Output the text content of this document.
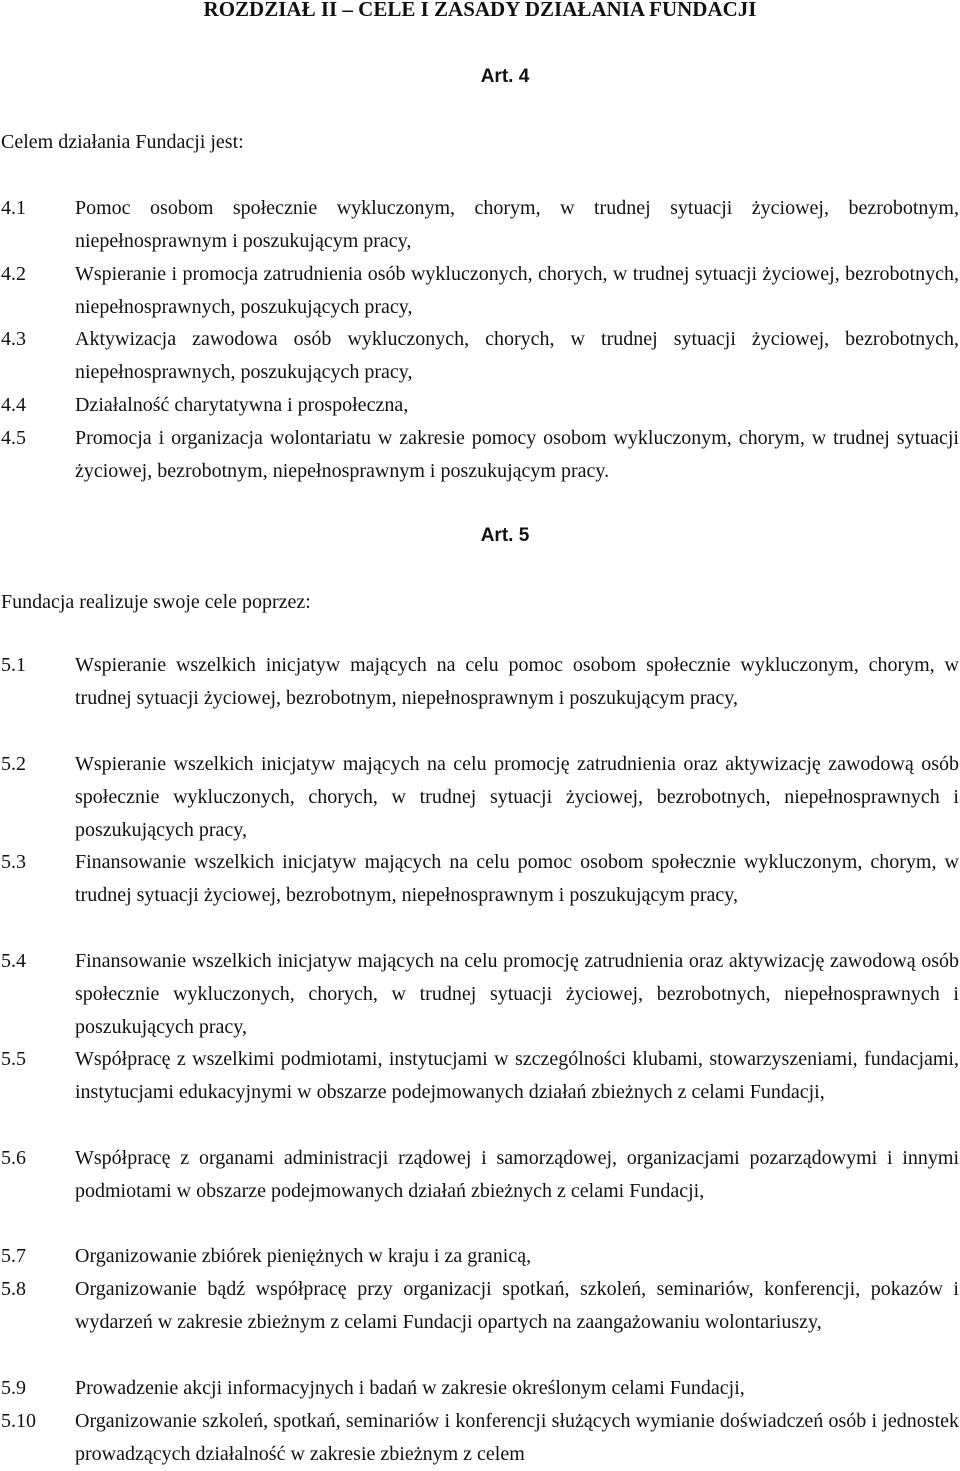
ROZDZIAŁ II – CELE I ZASADY DZIAŁANIA FUNDACJI
Art. 4
Celem działania Fundacji jest:
4.1	Pomoc osobom społecznie wykluczonym, chorym, w trudnej sytuacji życiowej, bezrobotnym, niepełnosprawnym i poszukującym pracy,
4.2	Wspieranie i promocja zatrudnienia osób wykluczonych, chorych, w trudnej sytuacji życiowej, bezrobotnych, niepełnosprawnych, poszukujących pracy,
4.3	Aktywizacja zawodowa osób wykluczonych, chorych, w trudnej sytuacji życiowej, bezrobotnych, niepełnosprawnych, poszukujących pracy,
4.4	Działalność charytatywna i prospołeczna,
4.5	Promocja i organizacja wolontariatu w zakresie pomocy osobom wykluczonym, chorym, w trudnej sytuacji życiowej, bezrobotnym, niepełnosprawnym i poszukującym pracy.
Art. 5
Fundacja realizuje swoje cele poprzez:
5.1	Wspieranie wszelkich inicjatyw mających na celu pomoc osobom społecznie wykluczonym, chorym, w trudnej sytuacji życiowej, bezrobotnym, niepełnosprawnym i poszukującym pracy,
5.2	Wspieranie wszelkich inicjatyw mających na celu promocję zatrudnienia oraz aktywizację zawodową osób społecznie wykluczonych, chorych, w trudnej sytuacji życiowej, bezrobotnych, niepełnosprawnych i poszukujących pracy,
5.3	Finansowanie wszelkich inicjatyw mających na celu pomoc osobom społecznie wykluczonym, chorym, w trudnej sytuacji życiowej, bezrobotnym, niepełnosprawnym i poszukującym pracy,
5.4	Finansowanie wszelkich inicjatyw mających na celu promocję zatrudnienia oraz aktywizację zawodową osób społecznie wykluczonych, chorych, w trudnej sytuacji życiowej, bezrobotnych, niepełnosprawnych i poszukujących pracy,
5.5	Współpracę z wszelkimi podmiotami, instytucjami w szczególności klubami, stowarzyszeniami, fundacjami, instytucjami edukacyjnymi w obszarze podejmowanych działań zbieżnych z celami Fundacji,
5.6	Współpracę z organami administracji rządowej i samorządowej, organizacjami pozarządowymi i innymi podmiotami w obszarze podejmowanych działań zbieżnych z celami Fundacji,
5.7	Organizowanie zbiórek pieniężnych w kraju i za granicą,
5.8	Organizowanie bądź współpracę przy organizacji spotkań, szkoleń, seminariów, konferencji, pokazów i wydarzeń w zakresie zbieżnym z celami Fundacji opartych na zaangażowaniu wolontariuszy,
5.9	Prowadzenie akcji informacyjnych i badań w zakresie określonym celami Fundacji,
5.10	Organizowanie szkoleń, spotkań, seminariów i konferencji służących wymianie doświadczeń osób i jednostek prowadzących działalność w zakresie zbieżnym z celem
